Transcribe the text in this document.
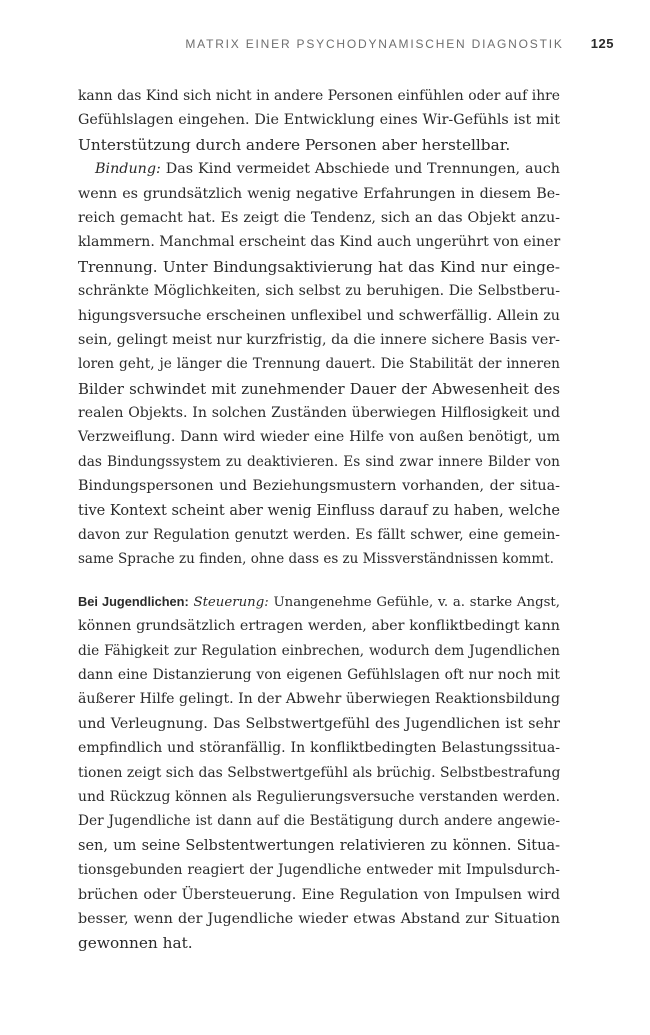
MATRIX EINER PSYCHODYNAMISCHEN DIAGNOSTIK 125
kann das Kind sich nicht in andere Personen einfühlen oder auf ihre
Gefühlslagen eingehen. Die Entwicklung eines Wir-Gefühls ist mit
Unterstützung durch andere Personen aber herstellbar.
Bindung: Das Kind vermeidet Abschiede und Trennungen, auch
wenn es grundsätzlich wenig negative Erfahrungen in diesem Be-
reich gemacht hat. Es zeigt die Tendenz, sich an das Objekt anzu-
klammern. Manchmal erscheint das Kind auch ungerührt von einer
Trennung. Unter Bindungsaktivierung hat das Kind nur einge-
schränkte Möglichkeiten, sich selbst zu beruhigen. Die Selbstberu-
higungsversuche erscheinen unflexibel und schwerfällig. Allein zu
sein, gelingt meist nur kurzfristig, da die innere sichere Basis ver-
loren geht, je länger die Trennung dauert. Die Stabilität der inneren
Bilder schwindet mit zunehmender Dauer der Abwesenheit des
realen Objekts. In solchen Zuständen überwiegen Hilflosigkeit und
Verzweiflung. Dann wird wieder eine Hilfe von außen benötigt, um
das Bindungssystem zu deaktivieren. Es sind zwar innere Bilder von
Bindungspersonen und Beziehungsmustern vorhanden, der situa-
tive Kontext scheint aber wenig Einfluss darauf zu haben, welche
davon zur Regulation genutzt werden. Es fällt schwer, eine gemein-
same Sprache zu finden, ohne dass es zu Missverständnissen kommt.
Bei Jugendlichen: Steuerung: Unangenehme Gefühle, v. a. starke Angst,
können grundsätzlich ertragen werden, aber konfliktbedingt kann
die Fähigkeit zur Regulation einbrechen, wodurch dem Jugendlichen
dann eine Distanzierung von eigenen Gefühlslagen oft nur noch mit
äußerer Hilfe gelingt. In der Abwehr überwiegen Reaktionsbildung
und Verleugnung. Das Selbstwertgefühl des Jugendlichen ist sehr
empfindlich und störanfällig. In konfliktbedingten Belastungssitua-
tionen zeigt sich das Selbstwertgefühl als brüchig. Selbstbestrafung
und Rückzug können als Regulierungsversuche verstanden werden.
Der Jugendliche ist dann auf die Bestätigung durch andere angewie-
sen, um seine Selbstentwertungen relativieren zu können. Situa-
tionsgebunden reagiert der Jugendliche entweder mit Impulsdurch-
brüchen oder Übersteuerung. Eine Regulation von Impulsen wird
besser, wenn der Jugendliche wieder etwas Abstand zur Situation
gewonnen hat.
